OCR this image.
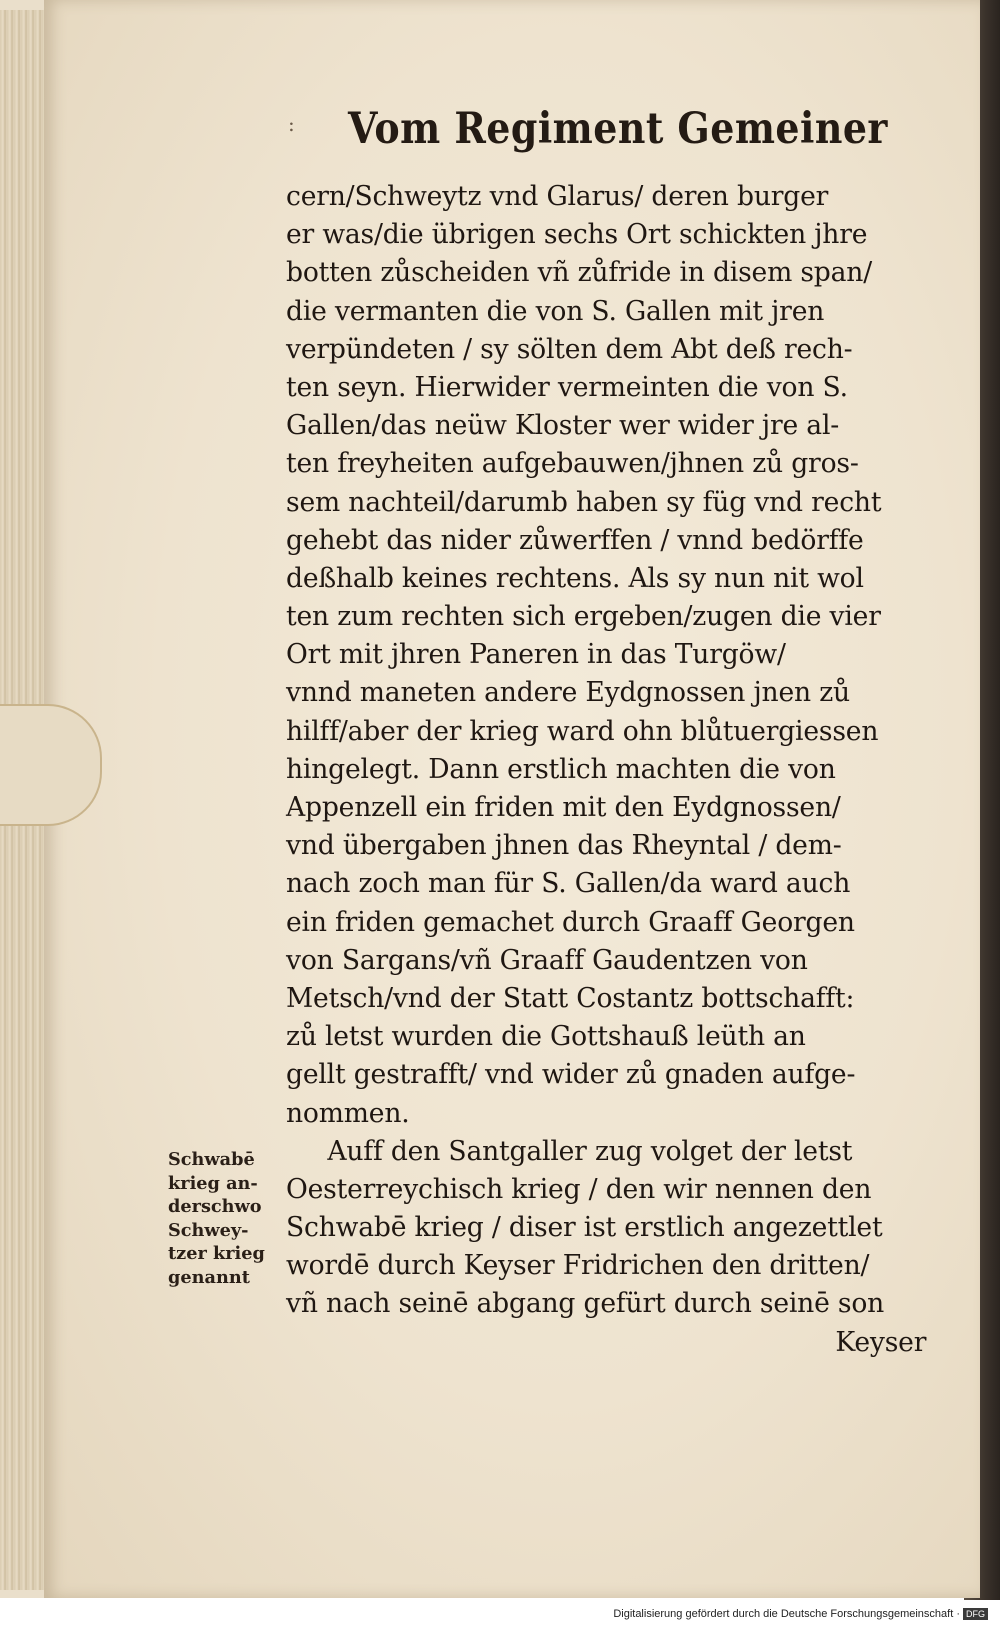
: Vom Regiment Gemeiner
cern/Schweytz vnd Glarus/ deren burger
er was/die übrigen sechs Ort schickten jhre
botten zůscheiden vñ zůfride in disem span/
die vermanten die von S. Gallen mit jren
verpündeten / sy sölten dem Abt deß rech-
ten seyn. Hierwider vermeinten die von S.
Gallen/das neüw Kloster wer wider jre al-
ten freyheiten aufgebauwen/jhnen zů gros-
sem nachteil/darumb haben sy füg vnd recht
gehebt das nider zůwerffen / vnnd bedörffe
deßhalb keines rechtens. Als sy nun nit wol
ten zum rechten sich ergeben/zugen die vier
Ort mit jhren Paneren in das Turgöw/
vnnd maneten andere Eydgnossen jnen zů
hilff/aber der krieg ward ohn blůtuergiessen
hingelegt. Dann erstlich machten die von
Appenzell ein friden mit den Eydgnossen/
vnd übergaben jhnen das Rheyntal / dem-
nach zoch man für S. Gallen/da ward auch
ein friden gemachet durch Graaff Georgen
von Sargans/vñ Graaff Gaudentzen von
Metsch/vnd der Statt Costantz bottschafft:
zů letst wurden die Gottshauß leüth an
gellt gestrafft/ vnd wider zů gnaden aufge-
nommen.
Auff den Santgaller zug volget der letst
Oesterreychisch krieg / den wir nennen den
Schwabē krieg / diser ist erstlich angezettlet
wordē durch Keyser Fridrichen den dritten/
vñ nach seinē abgang gefürt durch seinē son
Keyser
Schwabē
krieg an-
derschwo
Schwey-
tzer krieg
genannt
Digitalisierung gefördert durch die Deutsche Forschungsgemeinschaft · DFG
